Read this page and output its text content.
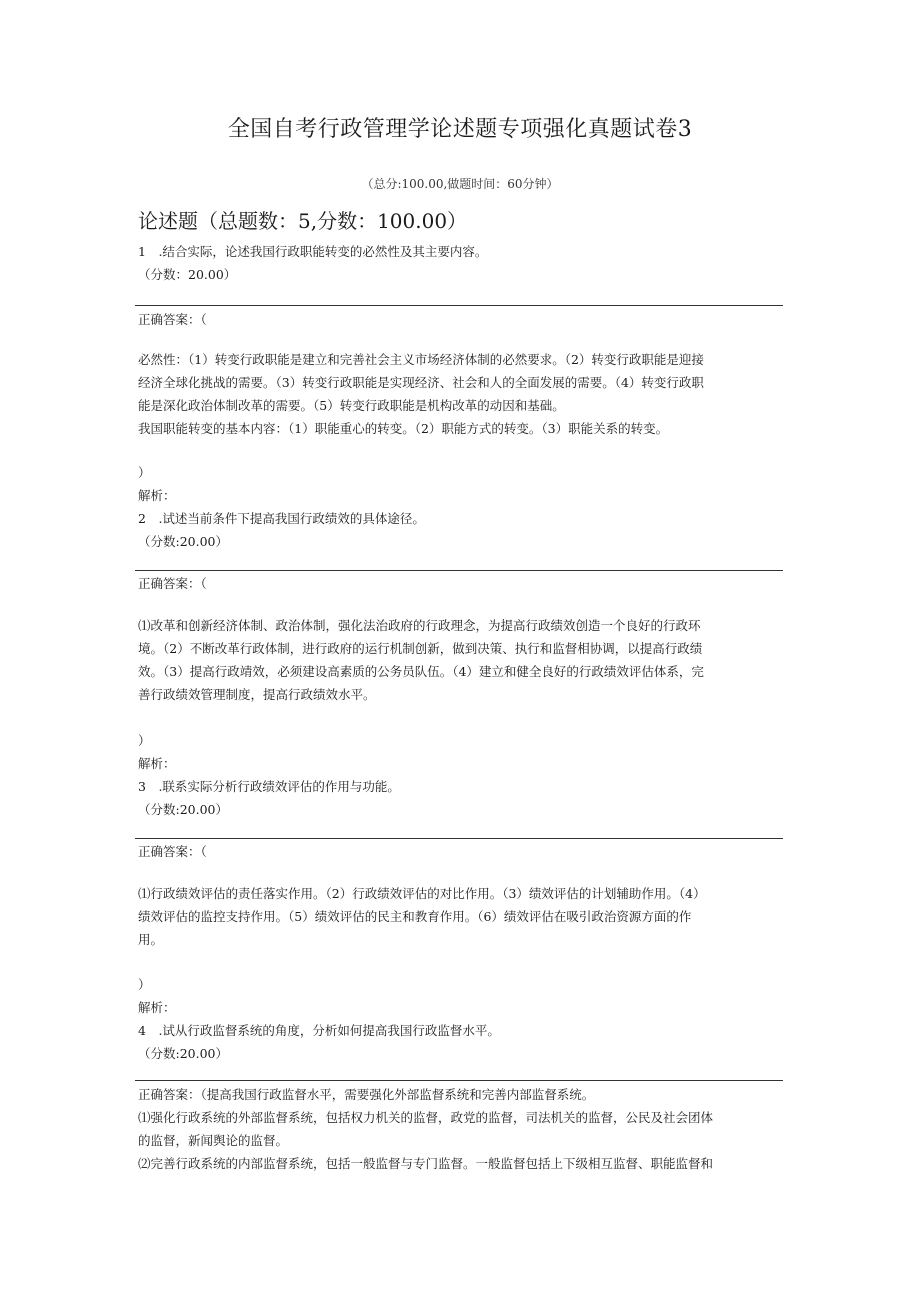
全国自考行政管理学论述题专项强化真题试卷3
（总分:100.00,做题时间：60分钟）
论述题（总题数：5,分数：100.00）
1　.结合实际，论述我国行政职能转变的必然性及其主要内容。
（分数：20.00）
正确答案：（
必然性：（1）转变行政职能是建立和完善社会主义市场经济体制的必然要求。（2）转变行政职能是迎接
经济全球化挑战的需要。（3）转变行政职能是实现经济、社会和人的全面发展的需要。（4）转变行政职
能是深化政治体制改革的需要。（5）转变行政职能是机构改革的动因和基础。
我国职能转变的基本内容：（1）职能重心的转变。（2）职能方式的转变。（3）职能关系的转变。
）
解析：
2　.试述当前条件下提高我国行政绩效的具体途径。
（分数:20.00）
正确答案：（
⑴改革和创新经济体制、政治体制，强化法治政府的行政理念，为提高行政绩效创造一个良好的行政环
境。（2）不断改革行政体制，进行政府的运行机制创新，做到决策、执行和监督相协调，以提高行政绩
效。（3）提高行政靖效，必须建设高素质的公务员队伍。（4）建立和健全良好的行政绩效评估体系，完
善行政绩效管理制度，提高行政绩效水平。
）
解析：
3　.联系实际分析行政绩效评估的作用与功能。
（分数:20.00）
正确答案：（
⑴行政绩效评估的责任落实作用。（2）行政绩效评估的对比作用。（3）绩效评估的计划辅助作用。（4）
绩效评估的监控支持作用。（5）绩效评估的民主和教育作用。（6）绩效评估在吸引政治资源方面的作
用。
）
解析：
4　.试从行政监督系统的角度，分析如何提高我国行政监督水平。
（分数:20.00）
正确答案：（提高我国行政监督水平，需要强化外部监督系统和完善内部监督系统。
⑴强化行政系统的外部监督系统，包括权力机关的监督，政党的监督，司法机关的监督，公民及社会团体
的监督，新闻舆论的监督。
⑵完善行政系统的内部监督系统，包括一般监督与专门监督。一般监督包括上下级相互监督、职能监督和
